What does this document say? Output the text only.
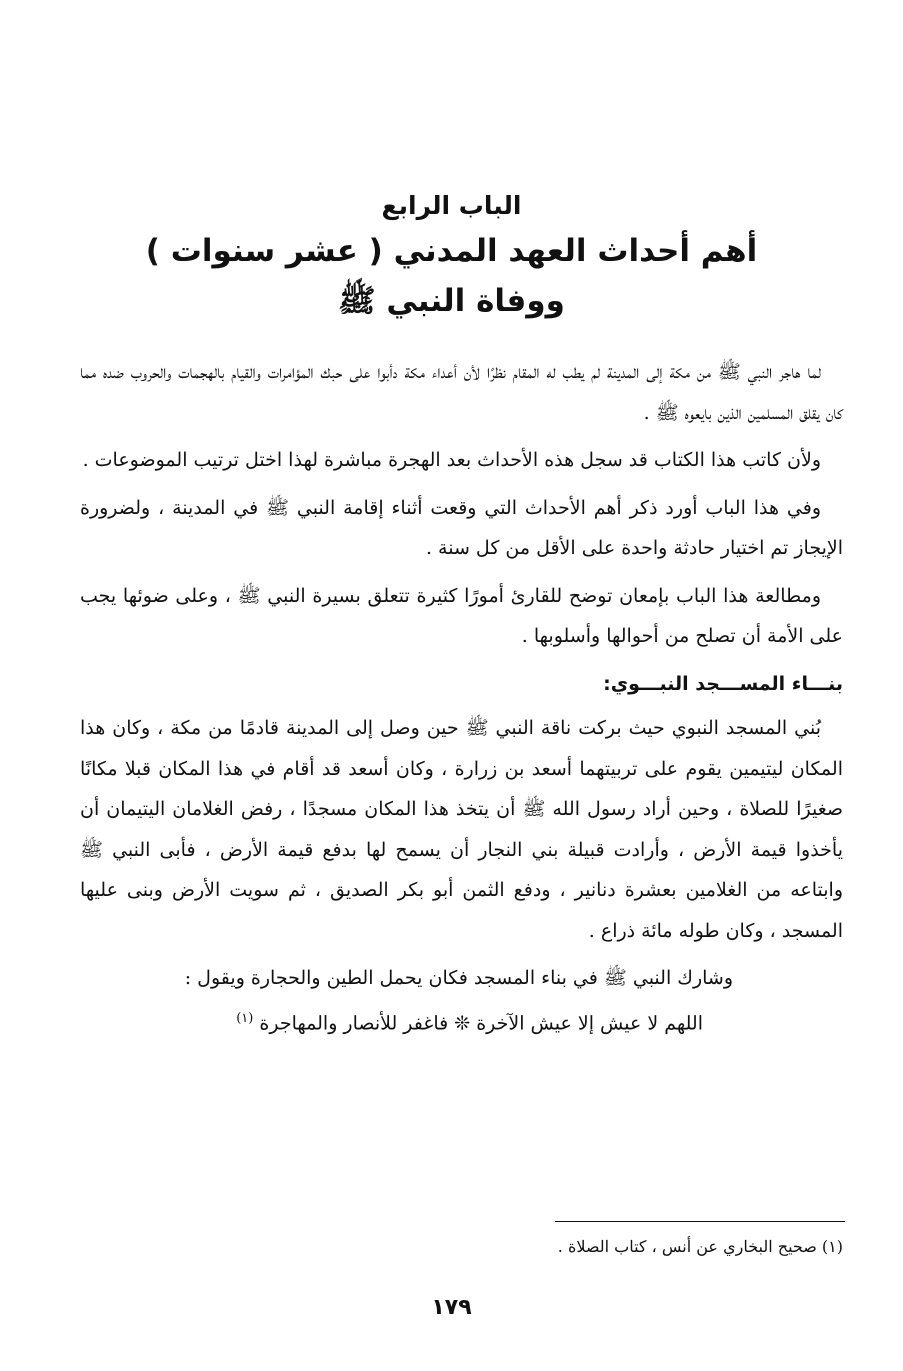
الباب الرابع

أهم أحداث العهد المدني ( عشر سنوات )

ووفاة النبي ﷺ

لما هاجر النبي ﷺ من مكة إلى المدينة لم يطب له المقام نظرًا لأن أعداء مكة دأبوا على حبك المؤامرات والقيام بالهجمات والحروب ضده مما كان يقلق المسلمين الذين بايعوه ﷺ .

ولأن كاتب هذا الكتاب قد سجل هذه الأحداث بعد الهجرة مباشرة لهذا اختل ترتيب الموضوعات .

وفي هذا الباب أورد ذكر أهم الأحداث التي وقعت أثناء إقامة النبي ﷺ في المدينة ، ولضرورة الإيجاز تم اختيار حادثة واحدة على الأقل من كل سنة .

ومطالعة هذا الباب بإمعان توضح للقارئ أمورًا كثيرة تتعلق بسيرة النبي ﷺ ، وعلى ضوئها يجب على الأمة أن تصلح من أحوالها وأسلوبها .

بنـــاء المســـجد النبـــوي:

بُني المسجد النبوي حيث بركت ناقة النبي ﷺ حين وصل إلى المدينة قادمًا من مكة ، وكان هذا المكان ليتيمين يقوم على تربيتهما أسعد بن زرارة ، وكان أسعد قد أقام في هذا المكان قبلا مكانًا صغيرًا للصلاة ، وحين أراد رسول الله ﷺ أن يتخذ هذا المكان مسجدًا ، رفض الغلامان اليتيمان أن يأخذوا قيمة الأرض ، وأرادت قبيلة بني النجار أن يسمح لها بدفع قيمة الأرض ، فأبى النبي ﷺ وابتاعه من الغلامين بعشرة دنانير ، ودفع الثمن أبو بكر الصديق ، ثم سويت الأرض وبنى عليها المسجد ، وكان طوله مائة ذراع .

وشارك النبي ﷺ في بناء المسجد فكان يحمل الطين والحجارة ويقول :

اللهم لا عيش إلا عيش الآخرة ❊ فاغفر للأنصار والمهاجرة $^{(١)}$

(١) صحيح البخاري عن أنس ، كتاب الصلاة .

١٧٩
